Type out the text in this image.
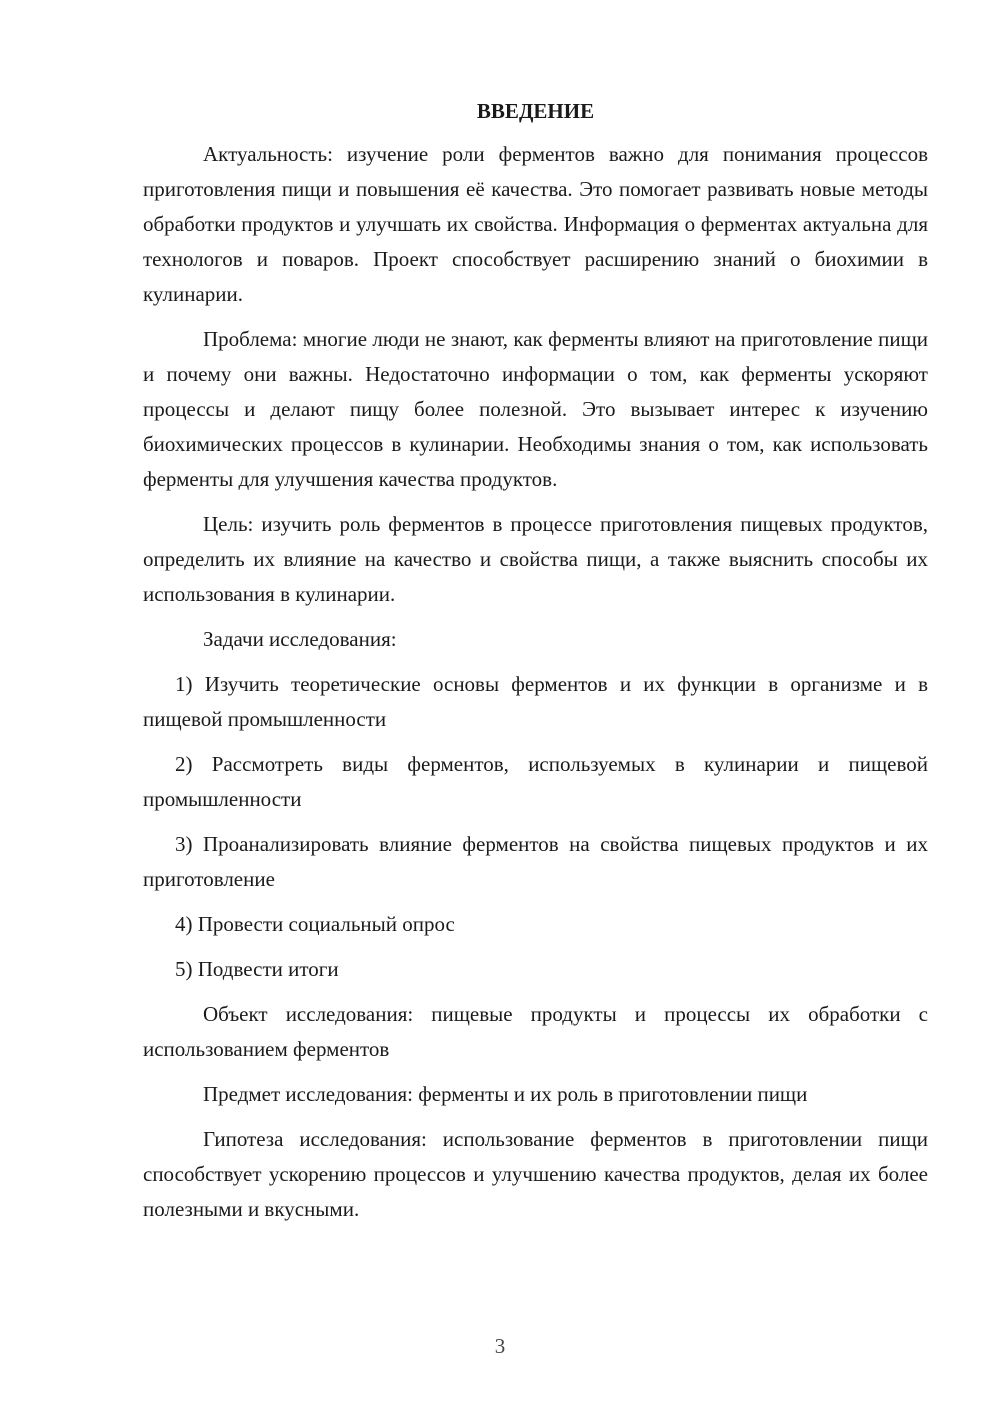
ВВЕДЕНИЕ

Актуальность: изучение роли ферментов важно для понимания процессов приготовления пищи и повышения её качества. Это помогает развивать новые методы обработки продуктов и улучшать их свойства. Информация о ферментах актуальна для технологов и поваров. Проект способствует расширению знаний о биохимии в кулинарии.

Проблема: многие люди не знают, как ферменты влияют на приготовление пищи и почему они важны. Недостаточно информации о том, как ферменты ускоряют процессы и делают пищу более полезной. Это вызывает интерес к изучению биохимических процессов в кулинарии. Необходимы знания о том, как использовать ферменты для улучшения качества продуктов.

Цель: изучить роль ферментов в процессе приготовления пищевых продуктов, определить их влияние на качество и свойства пищи, а также выяснить способы их использования в кулинарии.

Задачи исследования:

1) Изучить теоретические основы ферментов и их функции в организме и в пищевой промышленности

2) Рассмотреть виды ферментов, используемых в кулинарии и пищевой промышленности

3) Проанализировать влияние ферментов на свойства пищевых продуктов и их приготовление

4) Провести социальный опрос

5) Подвести итоги

Объект исследования: пищевые продукты и процессы их обработки с использованием ферментов

Предмет исследования: ферменты и их роль в приготовлении пищи

Гипотеза исследования: использование ферментов в приготовлении пищи способствует ускорению процессов и улучшению качества продуктов, делая их более полезными и вкусными.

3
